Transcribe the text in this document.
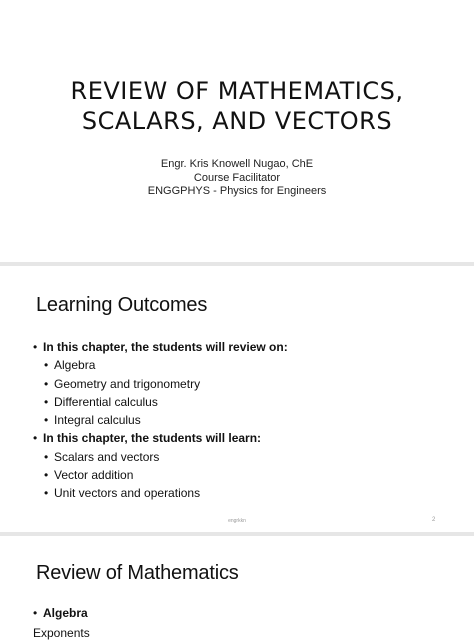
REVIEW OF MATHEMATICS,
SCALARS, AND VECTORS
Engr. Kris Knowell Nugao, ChE
Course Facilitator
ENGGPHYS - Physics for Engineers
Learning Outcomes
• In this chapter, the students will review on:
• Algebra
• Geometry and trigonometry
• Differential calculus
• Integral calculus
• In this chapter, the students will learn:
• Scalars and vectors
• Vector addition
• Unit vectors and operations
engrkkn	2
Review of Mathematics
• Algebra
Exponents
